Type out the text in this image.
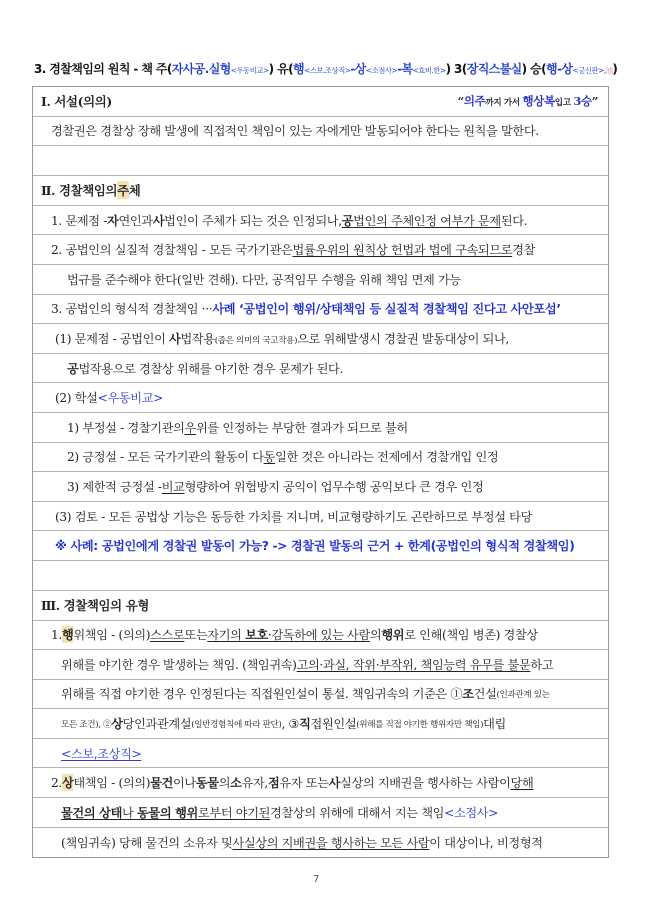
3. 경찰책임의 원칙 - 책 주(자사공.실형<우동비교>) 유(행<스보.조상직>-상<소점사>-복<효비.한>) 3(장직스불실) 승(행-상<긍신판>,油)
Ⅰ. 서설(의의)	“의주까지 가서 행상복입고 3승”
경찰권은 경찰상 장해 발생에 직접적인 책임이 있는 자에게만 발동되어야 한다는 원칙을 말한다.
Ⅱ. 경찰책임의 주 체
1. 문제점 - 자 연인과 사 법인이 주체가 되는 것은 인정되나, 공법인의 주체인정 여부가 문제 된다.
2. 공법인의 실질적 경찰책임 - 모든 국가기관은 법률우위의 원칙상 헌법과 법에 구속되므로 경찰
법규를 준수해야 한다(일반 견해). 다만, 공적임무 수행을 위해 책임 면제 가능
3. 공법인의 형식적 경찰책임 ··· 사례 ‘공법인이 행위/상태책임 등 실질적 경찰책임 진다고 사안포섭’
(1) 문제점 - 공법인이 사법작용(좁은 의미의 국고작용)으로 위해발생시 경찰권 발동대상이 되나,
공 법작용으로 경찰상 위해를 야기한 경우 문제가 된다.
(2) 학설 <우동비교>
1) 부정설 - 경찰기관의 우 위를 인정하는 부당한 결과가 되므로 불허
2) 긍정설 - 모든 국가기관의 활동이 다 동 일한 것은 아니라는 전제에서 경찰개입 인정
3) 제한적 긍정설 - 비교 형량하여 위험방지 공익이 업무수행 공익보다 큰 경우 인정
(3) 검토 - 모든 공법상 기능은 동등한 가치를 지니며, 비교형량하기도 곤란하므로 부정설 타당
※ 사례: 공법인에게 경찰권 발동이 가능? -> 경찰권 발동의 근거 + 한계(공법인의 형식적 경찰책임)
Ⅲ. 경찰책임의 유형
1. 행 위책임 - (의의) 스스로 또는 자기의 보호·감독하에 있는 사람 의 행위 로 인해(책임 병존) 경찰상
위해를 야기한 경우 발생하는 책임. (책임귀속) 고의·과실, 작위·부작위, 책임능력 유무를 불문 하고
위해를 직접 야기한 경우 인정된다는 직접원인설이 통설. 책임귀속의 기준은 ① 조 건설 (인과관계 있는
모든 조건), ② 상 당인과관계설 (일반경험칙에 따라 판단) , ③ 직 접원인설 (위해를 직접 야기한 행위자만 책임) 대립
<스보,조상직>
2. 상 태책임 - (의의) 물건 이나 동물 의 소 유자, 점 유자 또는 사 실상의 지배권을 행사하는 사람이 당해
물건의 상태나 동물의 행위로부터 야기된 경찰상의 위해에 대해서 지는 책임 <소점사>
(책임귀속) 당해 물건의 소유자 및 사실상의 지배권을 행사하는 모든 사람 이 대상이나, 비정형적
7
